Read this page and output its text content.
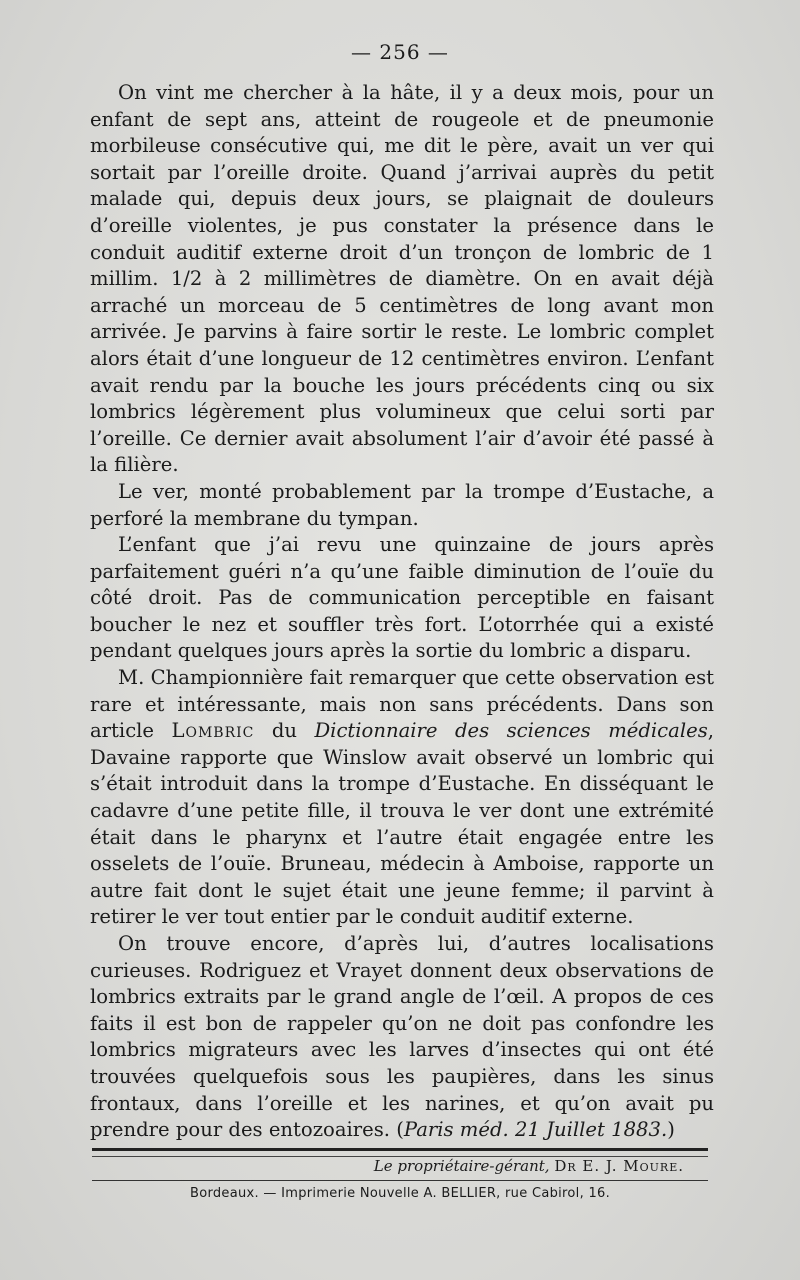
— 256 —

On vint me chercher à la hâte, il y a deux mois, pour un enfant de sept ans, atteint de rougeole et de pneumonie morbileuse consécutive qui, me dit le père, avait un ver qui sortait par l’oreille droite. Quand j’arrivai auprès du petit malade qui, depuis deux jours, se plaignait de douleurs d’oreille violentes, je pus constater la présence dans le conduit auditif externe droit d’un tronçon de lombric de 1 millim. 1/2 à 2 millimètres de diamètre. On en avait déjà arraché un morceau de 5 centimètres de long avant mon arrivée. Je parvins à faire sortir le reste. Le lombric complet alors était d’une longueur de 12 centimètres environ. L’enfant avait rendu par la bouche les jours précédents cinq ou six lombrics légèrement plus volumineux que celui sorti par l’oreille. Ce dernier avait absolument l’air d’avoir été passé à la filière.

Le ver, monté probablement par la trompe d’Eustache, a perforé la membrane du tympan.

L’enfant que j’ai revu une quinzaine de jours après parfaitement guéri n’a qu’une faible diminution de l’ouïe du côté droit. Pas de communication perceptible en faisant boucher le nez et souffler très fort. L’otorrhée qui a existé pendant quelques jours après la sortie du lombric a disparu.

M. Championnière fait remarquer que cette observation est rare et intéressante, mais non sans précédents. Dans son article Lombric du Dictionnaire des sciences médicales, Davaine rapporte que Winslow avait observé un lombric qui s’était introduit dans la trompe d’Eustache. En disséquant le cadavre d’une petite fille, il trouva le ver dont une extrémité était dans le pharynx et l’autre était engagée entre les osselets de l’ouïe. Bruneau, médecin à Amboise, rapporte un autre fait dont le sujet était une jeune femme; il parvint à retirer le ver tout entier par le conduit auditif externe.

On trouve encore, d’après lui, d’autres localisations curieuses. Rodriguez et Vrayet donnent deux observations de lombrics extraits par le grand angle de l’œil. A propos de ces faits il est bon de rappeler qu’on ne doit pas confondre les lombrics migrateurs avec les larves d’insectes qui ont été trouvées quelquefois sous les paupières, dans les sinus frontaux, dans l’oreille et les narines, et qu’on avait pu prendre pour des entozoaires. (Paris méd. 21 Juillet 1883.)

Le propriétaire-gérant, Dr E. J. Moure.
Bordeaux. — Imprimerie Nouvelle A. BELLIER, rue Cabirol, 16.
